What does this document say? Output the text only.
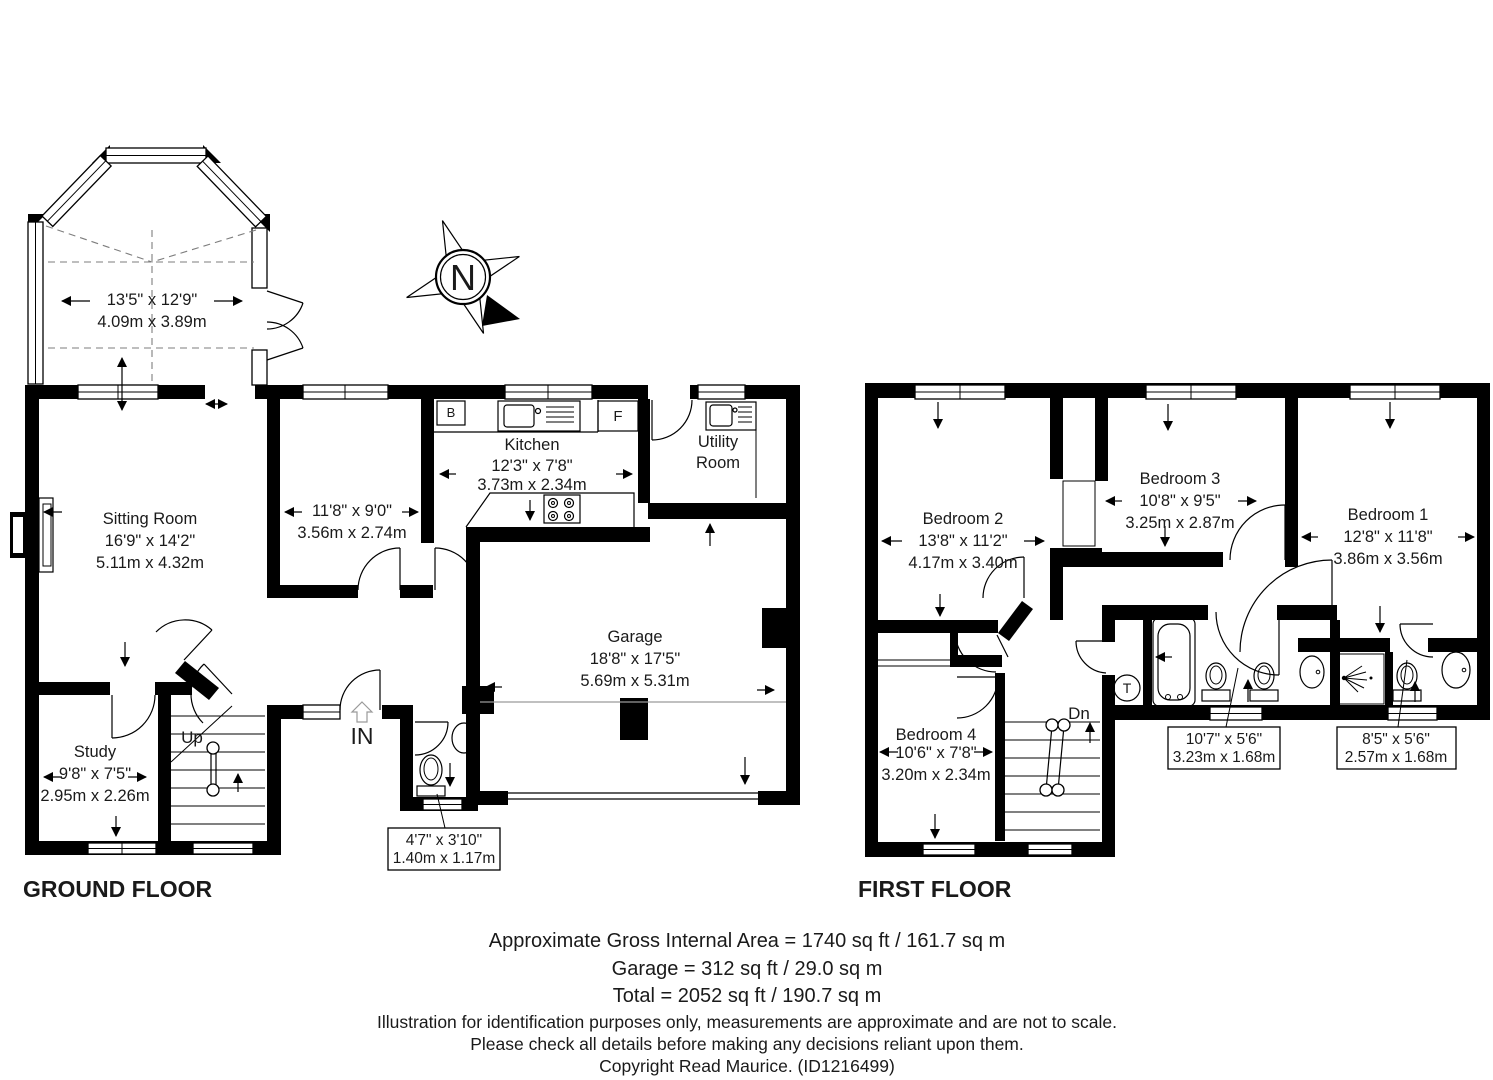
4'7" x 3'10"
1.40m x 1.17m
13'5" x 12'9"
4.09m x 3.89m
Sitting Room
16'9" x 14'2"
5.11m x 4.32m
11'8" x 9'0"
3.56m x 2.74m
Kitchen
12'3" x 7'8"
3.73m x 2.34m
Utility
Room
Garage
18'8" x 17'5"
5.69m x 5.31m
Study
9'8" x 7'5"
2.95m x 2.26m
Up	IN
B	F
GROUND FLOOR
10'7" x 5'6"
3.23m x 1.68m
8'5" x 5'6"
2.57m x 1.68m
Bedroom 2
13'8" x 11'2"
4.17m x 3.40m
Bedroom 3
10'8" x 9'5"
3.25m x 2.87m	Bedroom 1
12'8" x 11'8"
3.86m x 3.56m
Bedroom 4
10'6" x 7'8"
3.20m x 2.34m
Dn
T
FIRST FLOOR
N
Approximate Gross Internal Area = 1740 sq ft / 161.7 sq m
Garage = 312 sq ft / 29.0 sq m
Total = 2052 sq ft / 190.7 sq m
Illustration for identification purposes only, measurements are approximate and are not to scale.
Please check all details before making any decisions reliant upon them.
Copyright Read Maurice. (ID1216499)
